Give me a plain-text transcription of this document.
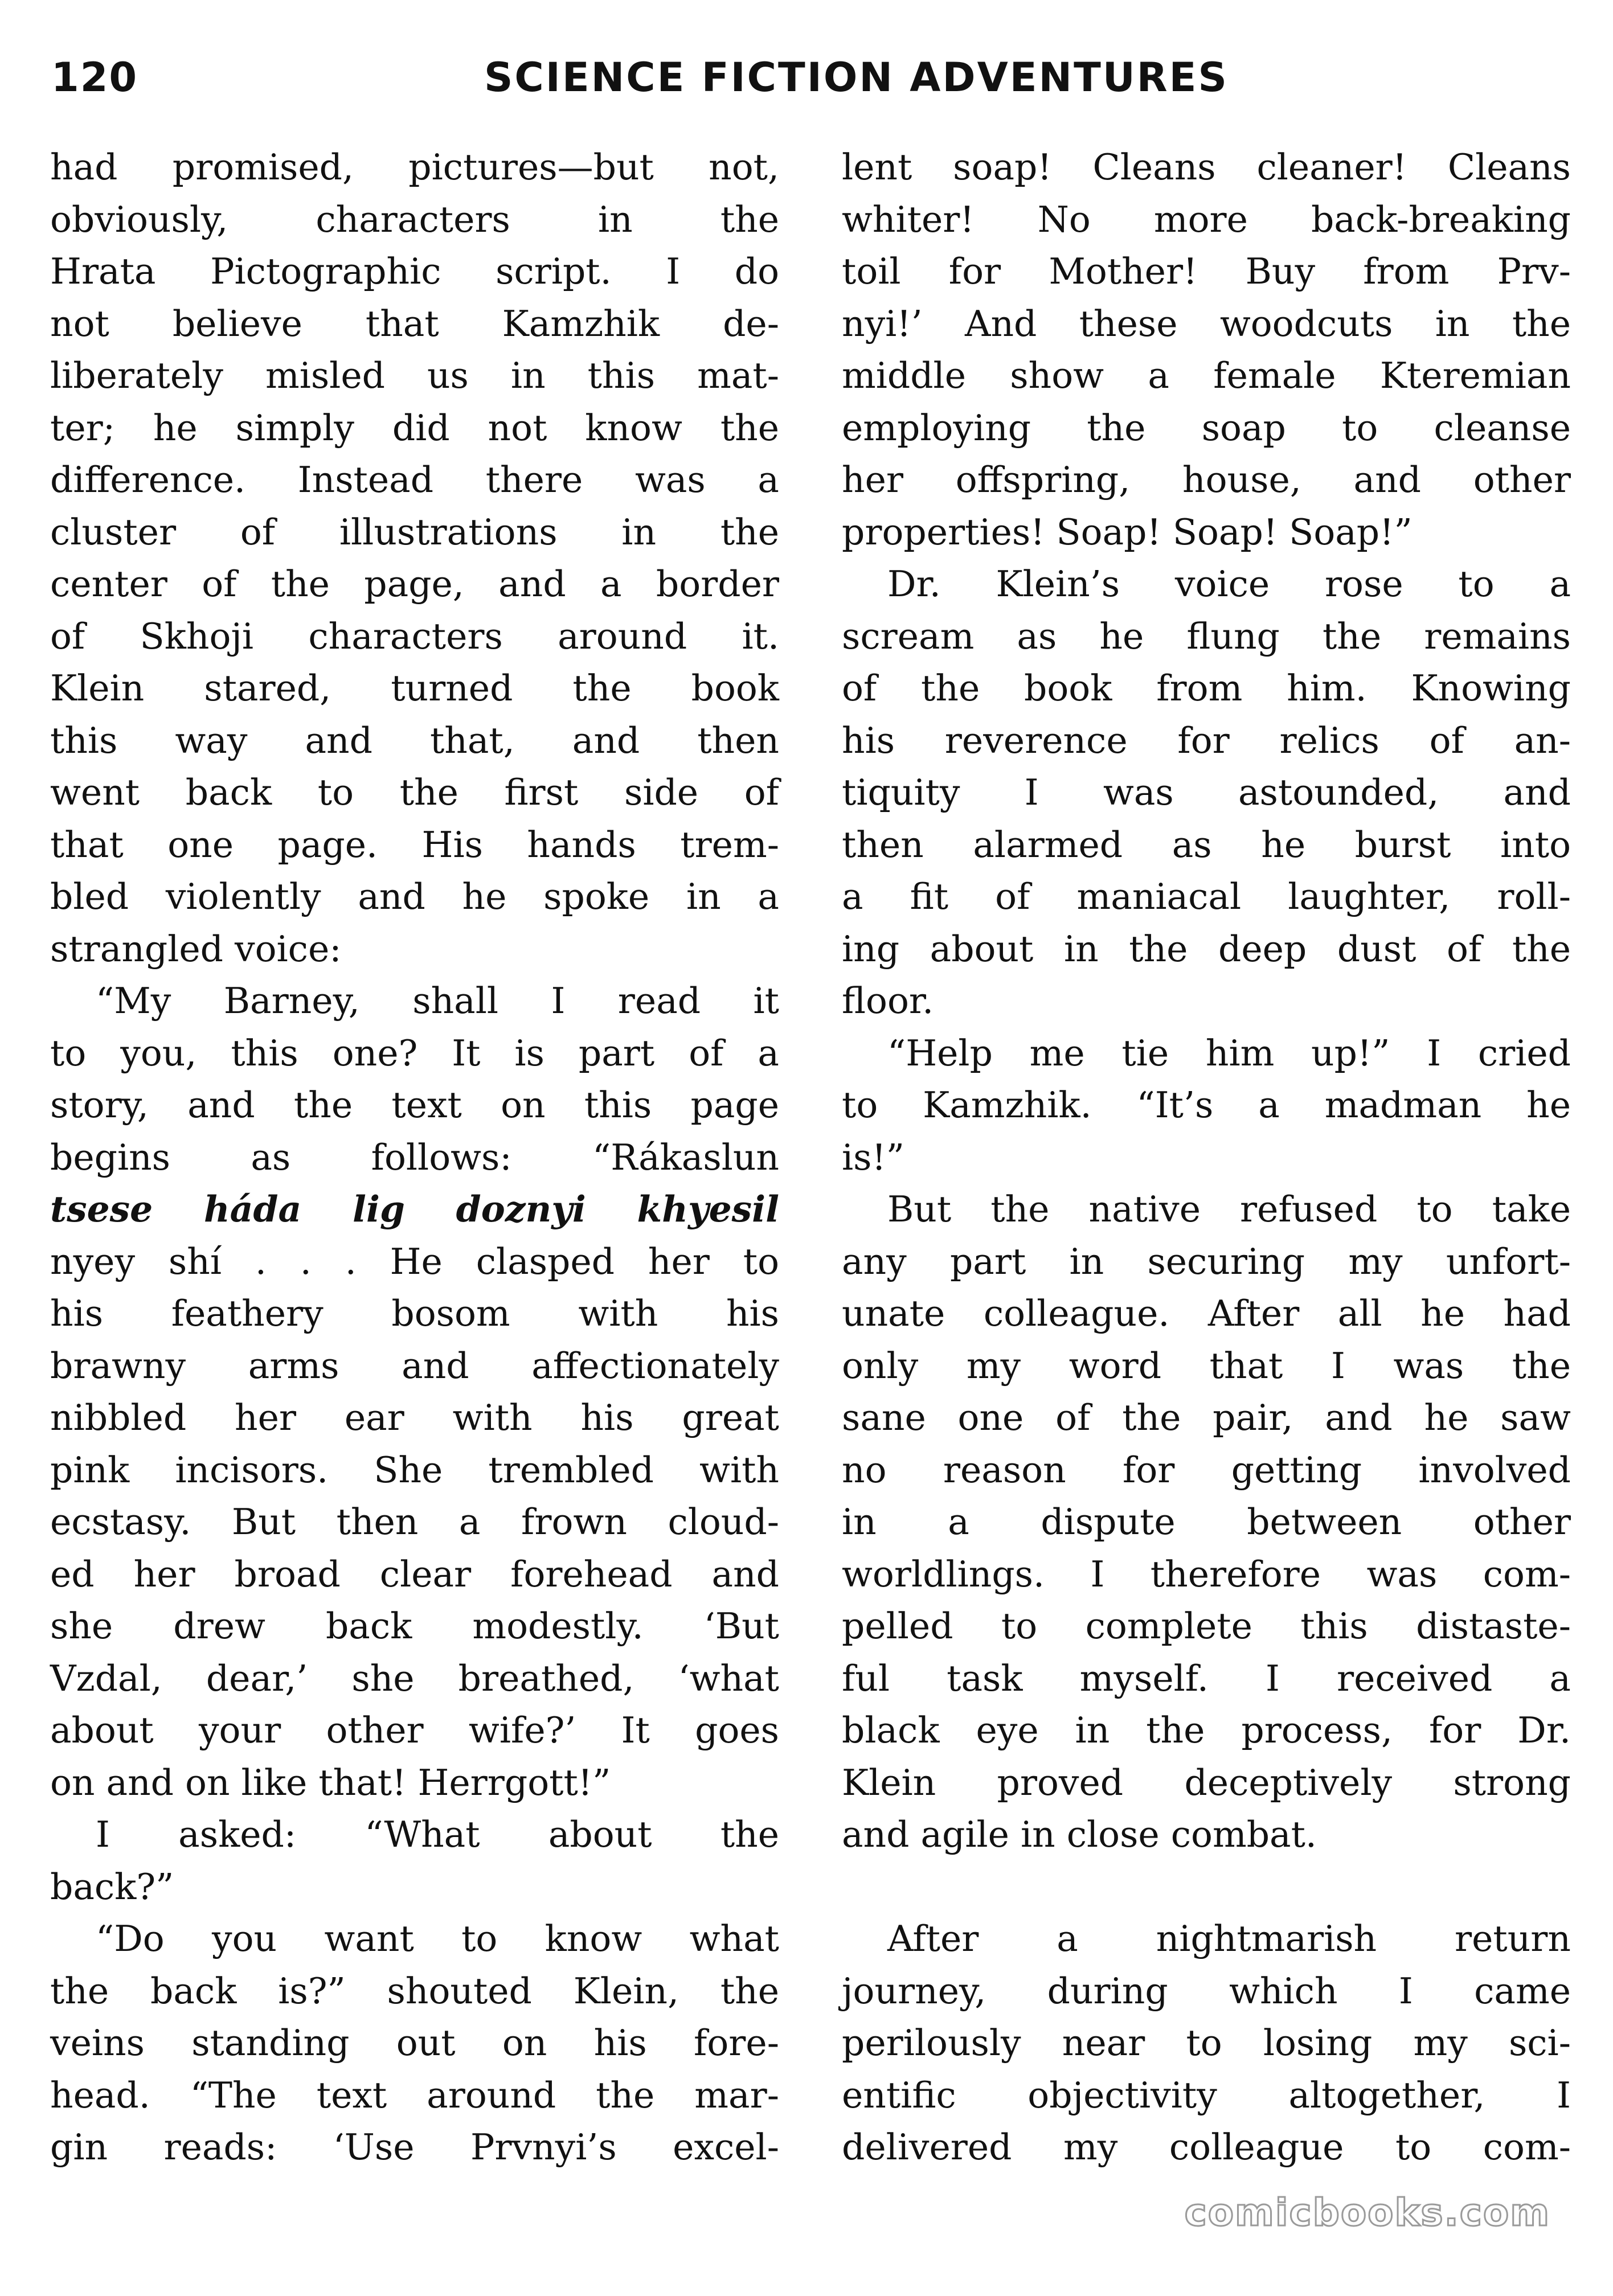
120	SCIENCE FICTION ADVENTURES
had promised, pictures—but not,
obviously, characters in the
Hrata Pictographic script. I do
not believe that Kamzhik de-
liberately misled us in this mat-
ter; he simply did not know the
difference. Instead there was a
cluster of illustrations in the
center of the page, and a border
of Skhoji characters around it.
Klein stared, turned the book
this way and that, and then
went back to the first side of
that one page. His hands trem-
bled violently and he spoke in a
strangled voice:
“My Barney, shall I read it
to you, this one? It is part of a
story, and the text on this page
begins as follows: “Rákaslun
tsese háda lig doznyi khyesil
nyey shí . . . He clasped her to
his feathery bosom with his
brawny arms and affectionately
nibbled her ear with his great
pink incisors. She trembled with
ecstasy. But then a frown cloud-
ed her broad clear forehead and
she drew back modestly. ‘But
Vzdal, dear,’ she breathed, ‘what
about your other wife?’ It goes
on and on like that! Herrgott!”
I asked: “What about the
back?”
“Do you want to know what
the back is?” shouted Klein, the
veins standing out on his fore-
head. “The text around the mar-
gin reads: ‘Use Prvnyi’s excel-
lent soap! Cleans cleaner! Cleans
whiter! No more back-breaking
toil for Mother! Buy from Prv-
nyi!’ And these woodcuts in the
middle show a female Kteremian
employing the soap to cleanse
her offspring, house, and other
properties! Soap! Soap! Soap!”
Dr. Klein’s voice rose to a
scream as he flung the remains
of the book from him. Knowing
his reverence for relics of an-
tiquity I was astounded, and
then alarmed as he burst into
a fit of maniacal laughter, roll-
ing about in the deep dust of the
floor.
“Help me tie him up!” I cried
to Kamzhik. “It’s a madman he
is!”
But the native refused to take
any part in securing my unfort-
unate colleague. After all he had
only my word that I was the
sane one of the pair, and he saw
no reason for getting involved
in a dispute between other
worldlings. I therefore was com-
pelled to complete this distaste-
ful task myself. I received a
black eye in the process, for Dr.
Klein proved deceptively strong
and agile in close combat.
After a nightmarish return
journey, during which I came
perilously near to losing my sci-
entific objectivity altogether, I
delivered my colleague to com-
comicbooks.com
